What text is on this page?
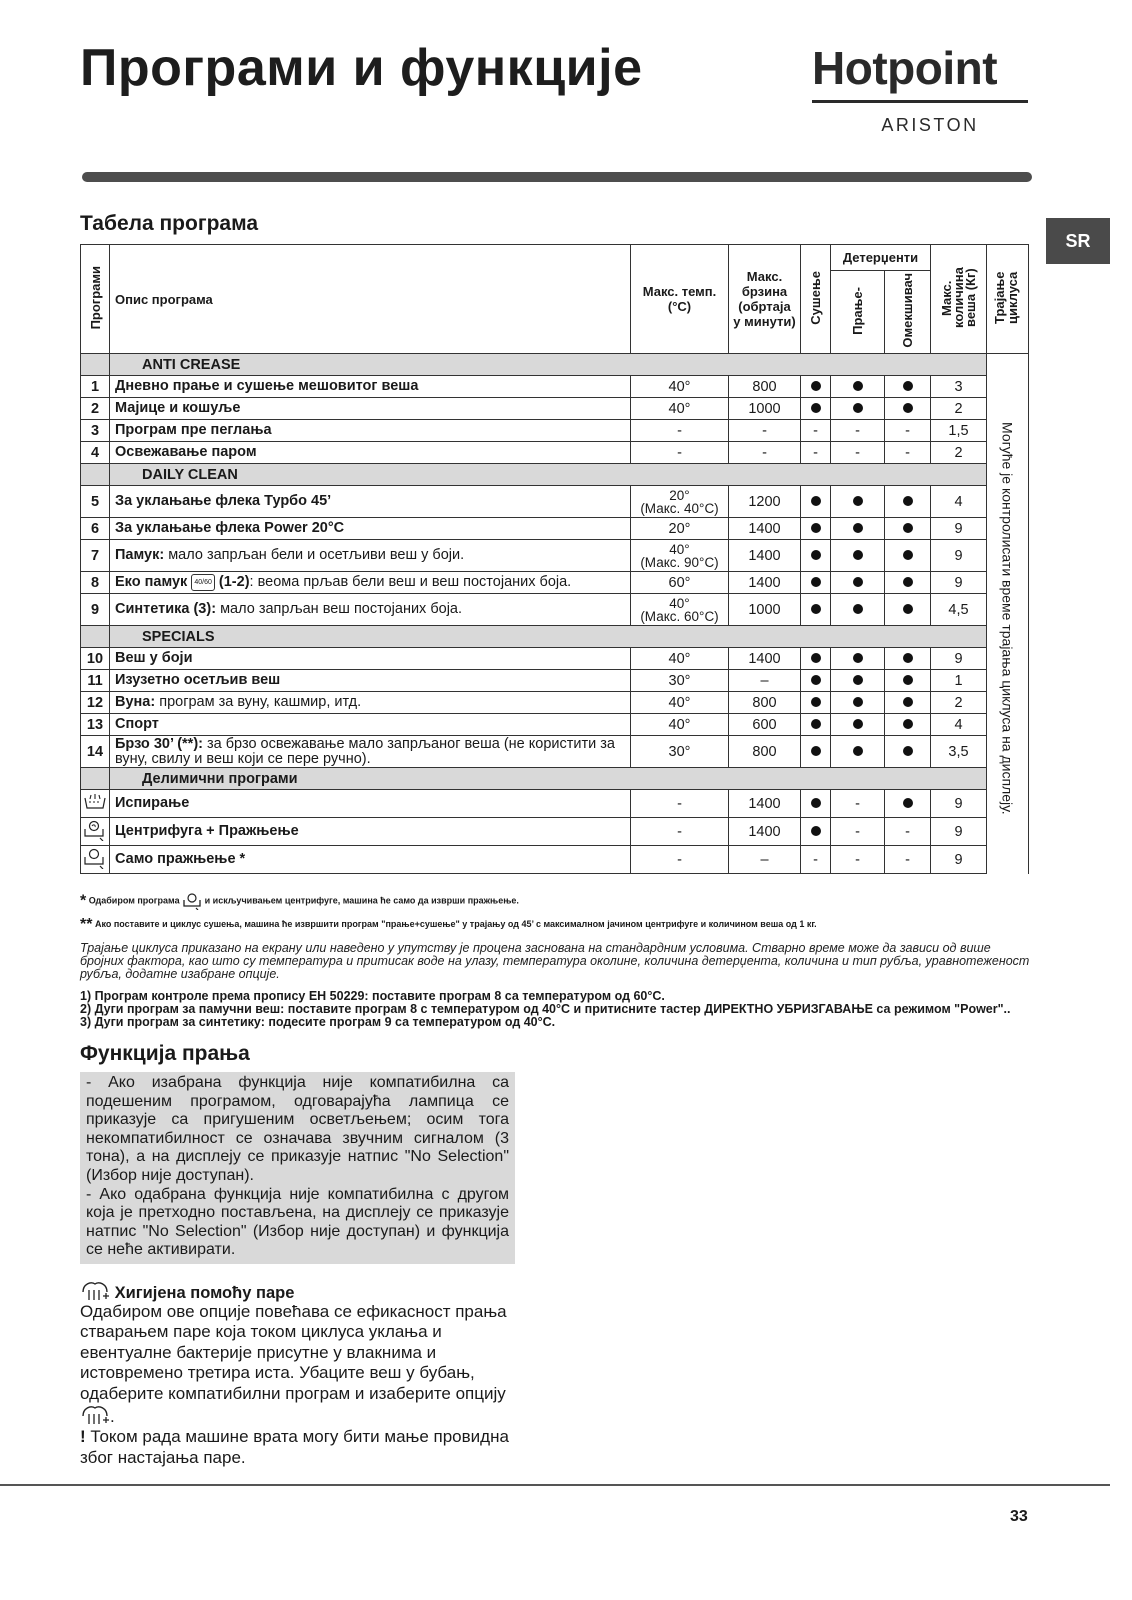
Програми и функције	Hotpoint
ARISTON
SR
Табела програма
Програми	Опис програма	Макс. темп. (°C)	Макс. брзина (обртаја у минути)	Сушење	Детерџенти		Макс. количина веша (Кг)	Трајање циклуса
					Прање-	Омекшивач		
	ANTI CREASE							Могуће је контролисати време трајања циклуса на дисплеју.
1	Дневно прање и сушење мешовитог веша	40°	800				3	
2	Мајице и кошуље	40°	1000				2	
3	Програм пре пеглања	-	-	-	-	-	1,5	
4	Освежавање паром	-	-	-	-	-	2	
	DAILY CLEAN							
5	За уклањање флека Турбо 45’	20°
(Макс. 40°C)	1200				4	
6	За уклањање флека Power 20°C	20°	1400				9	
7	Памук: мало запрљан бели и осетљиви веш у боји.	40°
(Макс. 90°C)	1400				9	
8	Еко памук 40/60 (1-2): веома прљав бели веш и веш постојаних боја.	60°	1400				9	
9	Синтетика (3): мало запрљан веш постојаних боја.	40°
(Макс. 60°C)	1000				4,5	
	SPECIALS							
10	Веш у боји	40°	1400				9	
11	Изузетно осетљив веш	30°	–				1	
12	Вуна: програм за вуну, кашмир, итд.	40°	800				2	
13	Спорт	40°	600				4	
14	Брзо 30’ (**): за брзо освежавање мало запрљаног веша (не користити за вуну, свилу и веш који се пере ручно).	30°	800				3,5	
	Делимични програми							
	Испирање	-	1400		-		9	
	Центрифуга + Пражњење	-	1400		-	-	9	
	Само пражњење *	-	–	-	-	-	9	
* Одабиром програма	и искључивањем центрифуге, машина ће само да изврши пражњење.
** Ако поставите и циклус сушења, машина ће извршити програм "прање+сушење" у трајању од 45’ с максималном јачином центрифуге и количином веша од 1 кг.
Трајање циклуса приказано на екрану или наведено у упутству је процена заснована на стандардним условима. Стварно време може да зависи од више бројних фактора, као што су температура и притисак воде на улазу, температура околине, количина детерџента, количина и тип рубља, уравнотеженост рубља, додатне изабране опције.
1) Програм контроле према пропису ЕН 50229: поставите програм 8 са температуром од 60°C.
2) Дуги програм за памучни веш: поставите програм 8 с температуром од 40°C и притисните тастер ДИРЕКТНО УБРИЗГАВАЊЕ са режимом "Power"..
3) Дуги програм за синтетику: подесите програм 9 са температуром од 40°C.
Функција прања
- Ако изабрана функција није компатибилна са подешеним програмом, одговарајућа лампица се приказује са пригушеним осветљењем; осим тога некомпатибилност се означава звучним сигналом (3 тона), а на дисплеју се приказује натпис "No Selection" (Избор није доступан).
- Ако одабрана функција није компатибилна с другом која је претходно постављена, на дисплеју се приказује натпис "No Selection" (Избор није доступан) и функција се неће активирати.
Хигијена помоћу паре
Одабиром ове опције повећава се ефикасност прања стварањем паре која током циклуса уклања и евентуалне бактерије присутне у влакнима и истовремено третира иста. Убаците веш у бубањ, одаберите компатибилни програм и изаберите опцију .
! Током рада машине врата могу бити мање провидна због настајања паре.
33
